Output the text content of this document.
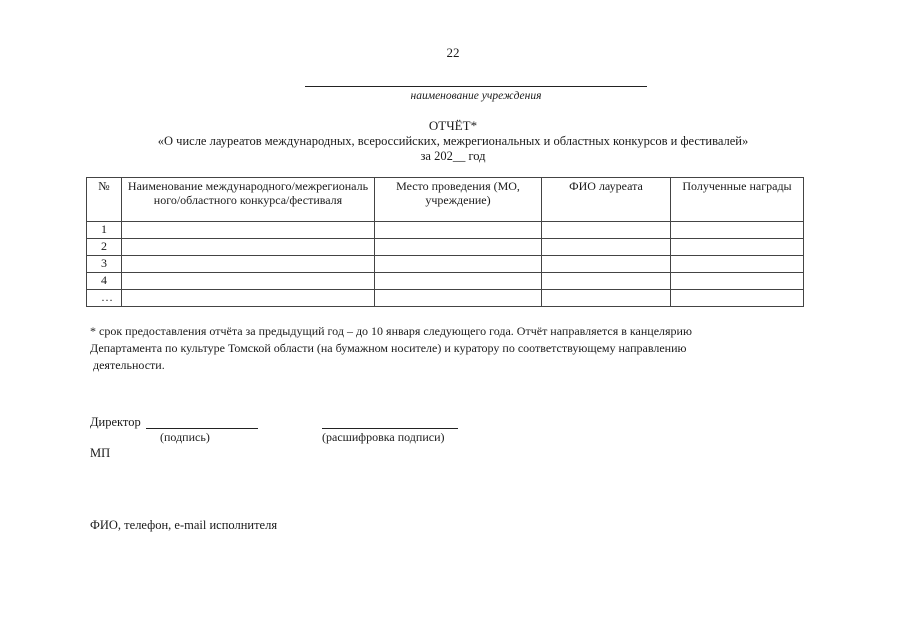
22
наименование учреждения
ОТЧЁТ*
«О числе лауреатов международных, всероссийских, межрегиональных и областных конкурсов и фестивалей»
за 202__ год
№	Наименование международного/межрегионального/областного конкурса/фестиваля	Место проведения (МО, учреждение)	ФИО лауреата	Полученные награды
1				
2				
3				
4				
…				
* срок предоставления отчёта за предыдущий год – до 10 января следующего года. Отчёт направляется в канцелярию
Департамента по культуре Томской области (на бумажном носителе) и куратору по соответствующему направлению
деятельности.
Директор
(подпись)	(расшифровка подписи)
МП
ФИО, телефон, e-mail исполнителя
